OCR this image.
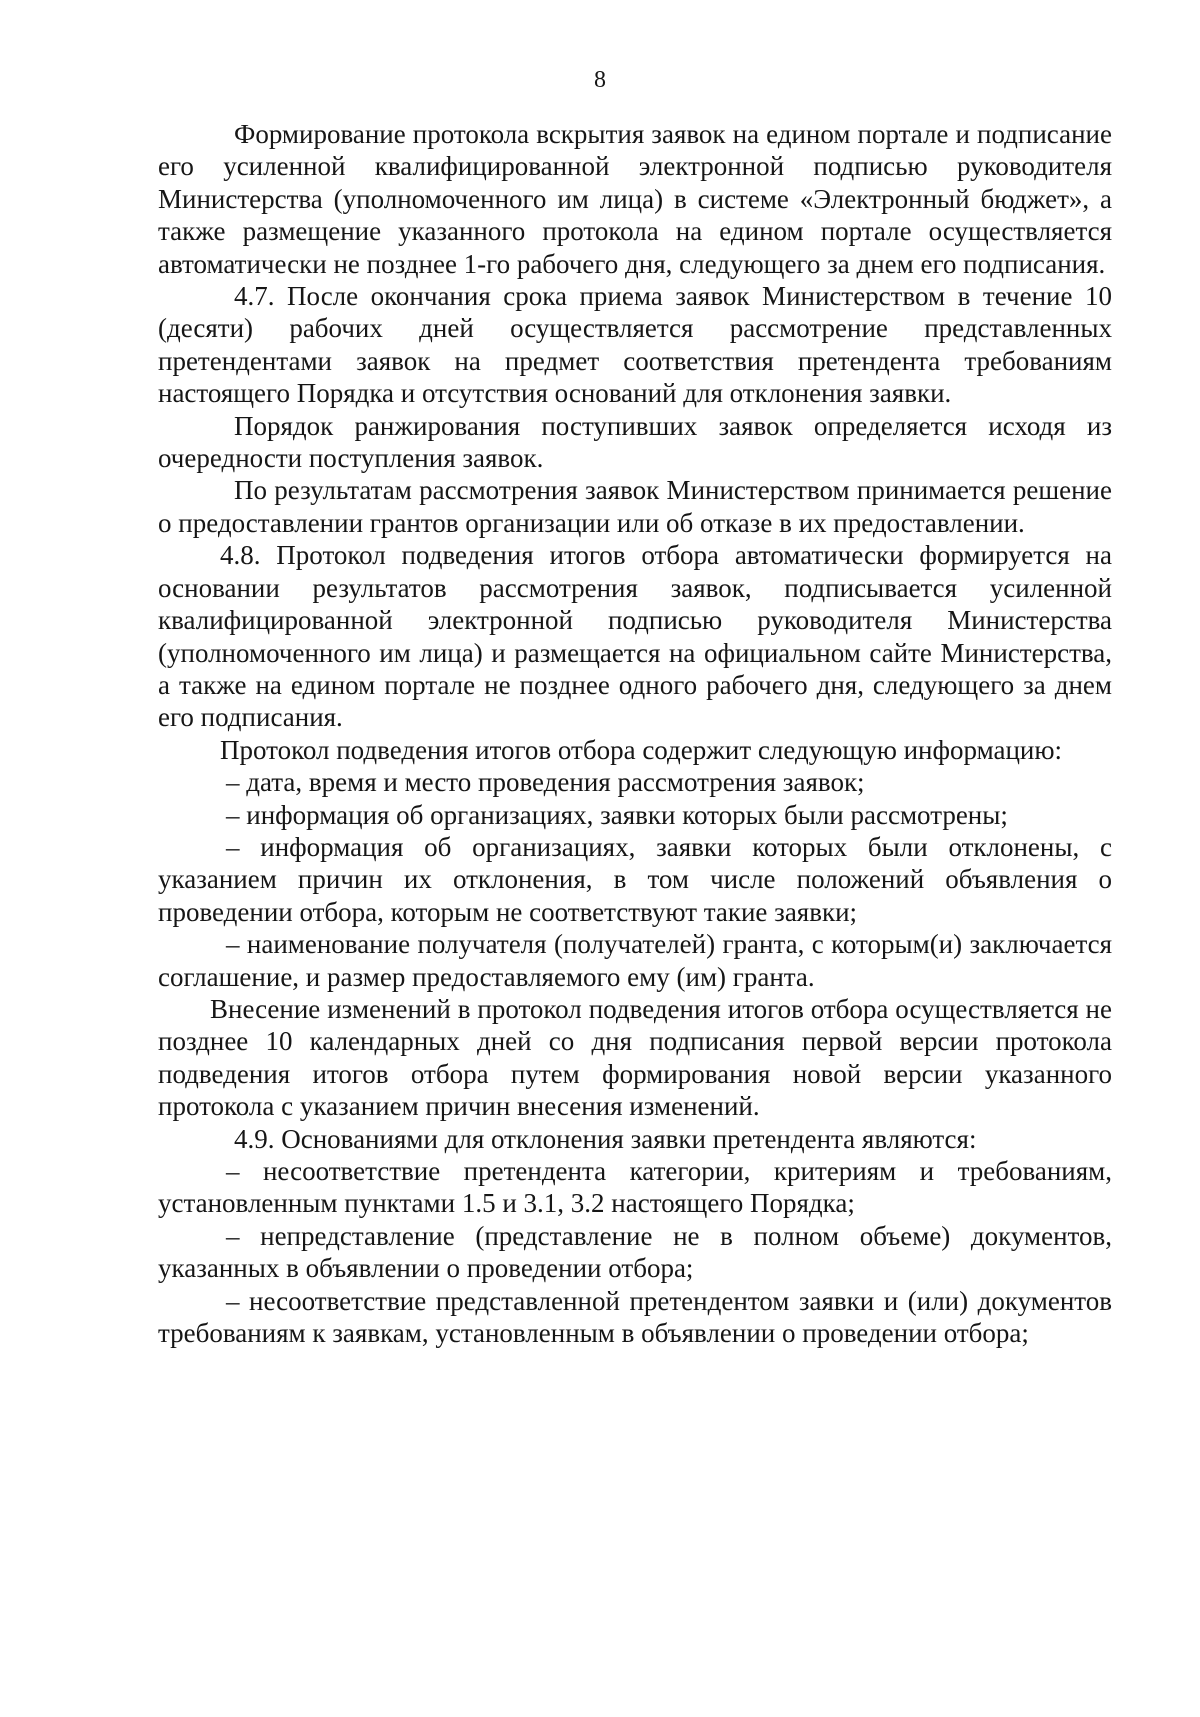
8

Формирование протокола вскрытия заявок на едином портале и подписание его усиленной квалифицированной электронной подписью руководителя Министерства (уполномоченного им лица) в системе «Электронный бюджет», а также размещение указанного протокола на едином портале осуществляется автоматически не позднее 1-го рабочего дня, следующего за днем его подписания.

4.7. После окончания срока приема заявок Министерством в течение 10 (десяти) рабочих дней осуществляется рассмотрение представленных претендентами заявок на предмет соответствия претендента требованиям настоящего Порядка и отсутствия оснований для отклонения заявки.

Порядок ранжирования поступивших заявок определяется исходя из очередности поступления заявок.

По результатам рассмотрения заявок Министерством принимается решение о предоставлении грантов организации или об отказе в их предоставлении.

4.8. Протокол подведения итогов отбора автоматически формируется на основании результатов рассмотрения заявок, подписывается усиленной квалифицированной электронной подписью руководителя Министерства (уполномоченного им лица) и размещается на официальном сайте Министерства, а также на едином портале не позднее одного рабочего дня, следующего за днем его подписания.

Протокол подведения итогов отбора содержит следующую информацию:

– дата, время и место проведения рассмотрения заявок;

– информация об организациях, заявки которых были рассмотрены;

– информация об организациях, заявки которых были отклонены, с указанием причин их отклонения, в том числе положений объявления о проведении отбора, которым не соответствуют такие заявки;

– наименование получателя (получателей) гранта, с которым(и) заключается соглашение, и размер предоставляемого ему (им) гранта.

Внесение изменений в протокол подведения итогов отбора осуществляется не позднее 10 календарных дней со дня подписания первой версии протокола подведения итогов отбора путем формирования новой версии указанного протокола с указанием причин внесения изменений.

4.9. Основаниями для отклонения заявки претендента являются:

– несоответствие претендента категории, критериям и требованиям, установленным пунктами 1.5 и 3.1, 3.2 настоящего Порядка;

– непредставление (представление не в полном объеме) документов, указанных в объявлении о проведении отбора;

– несоответствие представленной претендентом заявки и (или) документов требованиям к заявкам, установленным в объявлении о проведении отбора;
